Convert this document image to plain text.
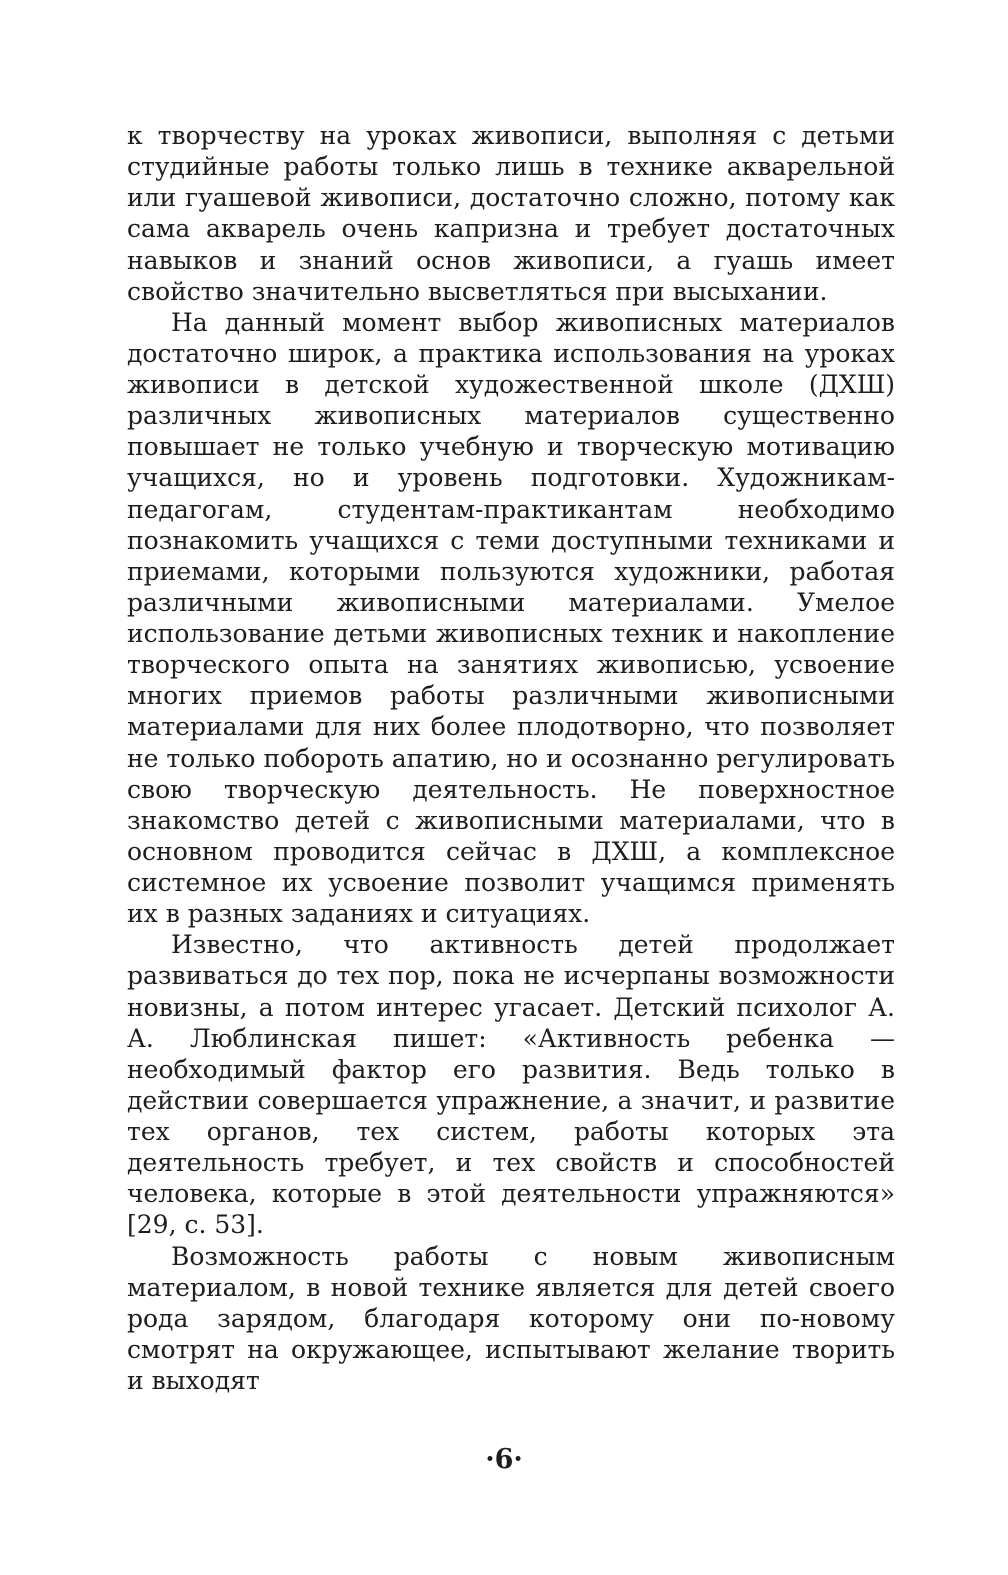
к творчеству на уроках живописи, выполняя с детьми студийные работы только лишь в технике акварельной или гуашевой живописи, достаточно сложно, потому как сама акварель очень капризна и требует достаточных навыков и знаний основ живописи, а гуашь имеет свойство значительно высветляться при высыхании.

На данный момент выбор живописных материалов достаточно широк, а практика использования на уроках живописи в детской художественной школе (ДХШ) различных живописных материалов существенно повышает не только учебную и творческую мотивацию учащихся, но и уровень подготовки. Художникам-педагогам, студентам-практикантам необходимо познакомить учащихся с теми доступными техниками и приемами, которыми пользуются художники, работая различными живописными материалами. Умелое использование детьми живописных техник и накопление творческого опыта на занятиях живописью, усвоение многих приемов работы различными живописными материалами для них более плодотворно, что позволяет не только побороть апатию, но и осознанно регулировать свою творческую деятельность. Не поверхностное знакомство детей с живописными материалами, что в основном проводится сейчас в ДХШ, а комплексное системное их усвоение позволит учащимся применять их в разных заданиях и ситуациях.

Известно, что активность детей продолжает развиваться до тех пор, пока не исчерпаны возможности новизны, а потом интерес угасает. Детский психолог А. А. Люблинская пишет: «Активность ребенка — необходимый фактор его развития. Ведь только в действии совершается упражнение, а значит, и развитие тех органов, тех систем, работы которых эта деятельность требует, и тех свойств и способностей человека, которые в этой деятельности упражняются» [29, с. 53].

Возможность работы с новым живописным материалом, в новой технике является для детей своего рода зарядом, благодаря которому они по-новому смотрят на окружающее, испытывают желание творить и выходят

·6·
